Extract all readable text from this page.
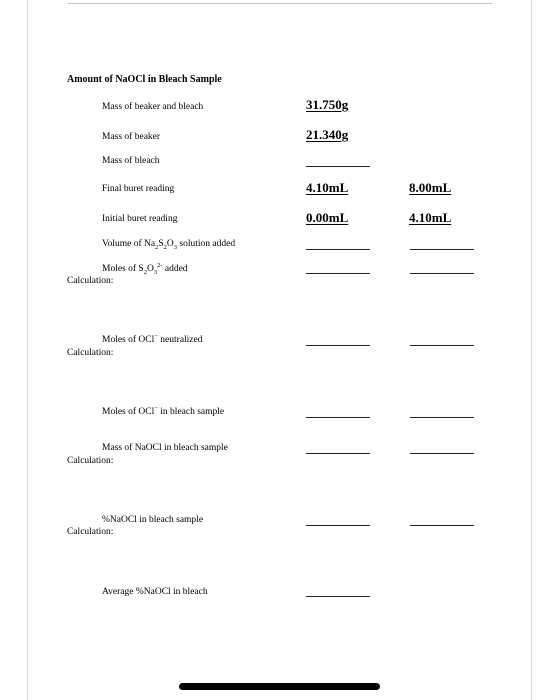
Amount of NaOCl in Bleach Sample
Mass of beaker and bleach	31.750g
Mass of beaker	21.340g
Mass of bleach
Final buret reading	4.10mL	8.00mL
Initial buret reading	0.00mL	4.10mL
Volume of $Na_2S_2O_3$ solution added
Moles of $S_2O_3^{2-}$ added
Calculation:
Moles of OCl− neutralized
Calculation:
Moles of OCl− in bleach sample
Mass of NaOCl in bleach sample
Calculation:
%NaOCl in bleach sample
Calculation:
Average %NaOCl in bleach
